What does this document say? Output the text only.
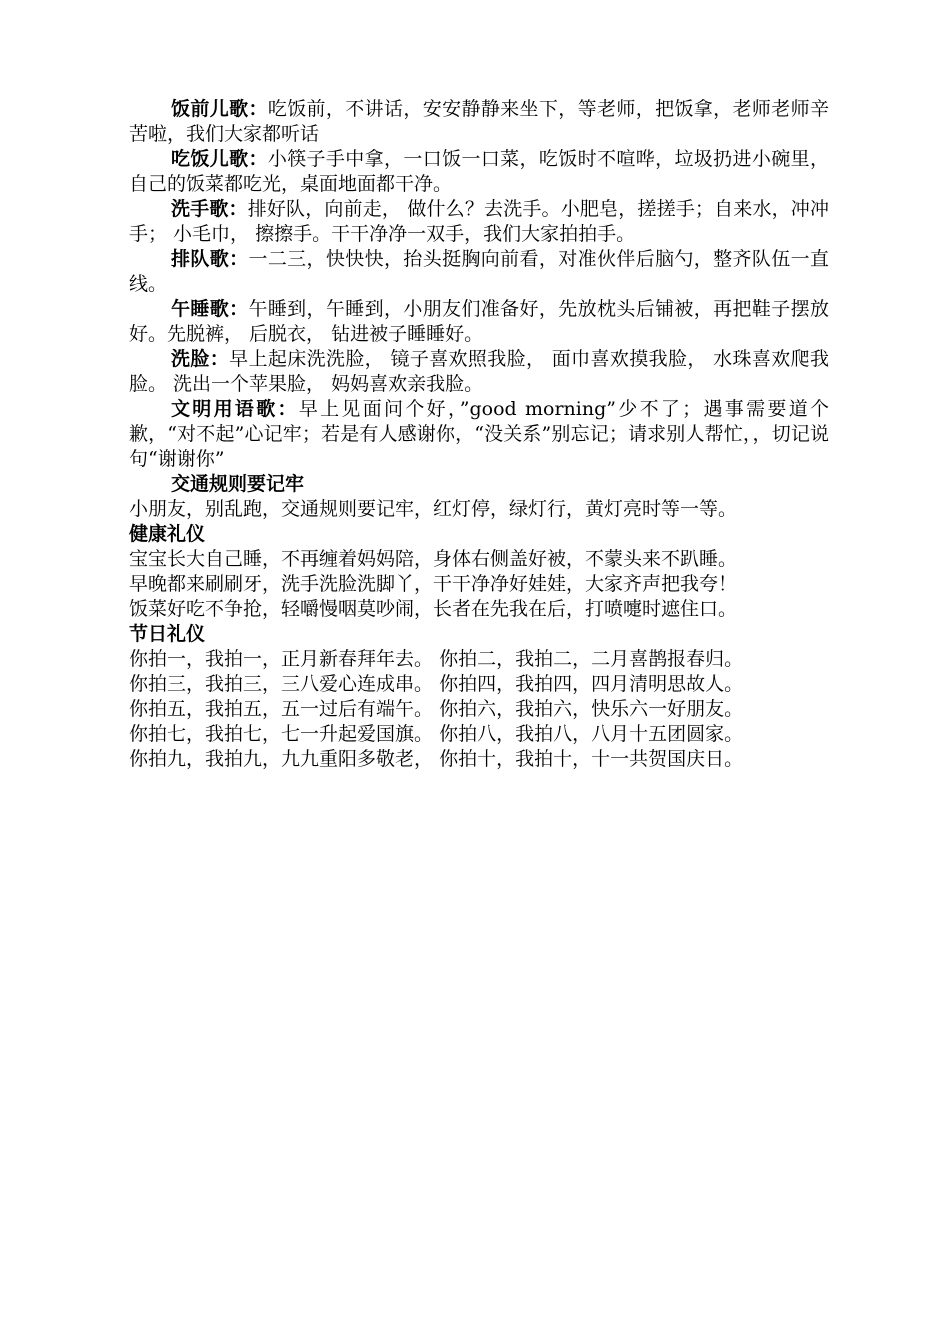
饭前儿歌：吃饭前，不讲话，安安静静来坐下，等老师，把饭拿，老师老师辛苦啦，我们大家都听话

吃饭儿歌：小筷子手中拿，一口饭一口菜，吃饭时不喧哗，垃圾扔进小碗里，自己的饭菜都吃光，桌面地面都干净。

洗手歌：排好队，向前走， 做什么？去洗手。小肥皂，搓搓手；自来水，冲冲手； 小毛巾， 擦擦手。干干净净一双手，我们大家拍拍手。

排队歌：一二三，快快快，抬头挺胸向前看，对准伙伴后脑勺，整齐队伍一直线。

午睡歌：午睡到，午睡到，小朋友们准备好，先放枕头后铺被，再把鞋子摆放好。先脱裤， 后脱衣， 钻进被子睡睡好。

洗脸：早上起床洗洗脸， 镜子喜欢照我脸， 面巾喜欢摸我脸， 水珠喜欢爬我脸。 洗出一个苹果脸， 妈妈喜欢亲我脸。

文明用语歌：早上见面问个好，”good morning”少不了；遇事需要道个歉，“对不起”心记牢；若是有人感谢你，“没关系”别忘记；请求别人帮忙，，切记说句“谢谢你”

交通规则要记牢

小朋友，别乱跑，交通规则要记牢，红灯停，绿灯行，黄灯亮时等一等。

健康礼仪

宝宝长大自己睡，不再缠着妈妈陪，身体右侧盖好被，不蒙头来不趴睡。

早晚都来刷刷牙，洗手洗脸洗脚丫，干干净净好娃娃，大家齐声把我夸！

饭菜好吃不争抢，轻嚼慢咽莫吵闹，长者在先我在后，打喷嚏时遮住口。

节日礼仪

你拍一，我拍一，正月新春拜年去。 你拍二，我拍二，二月喜鹊报春归。

你拍三，我拍三，三八爱心连成串。 你拍四，我拍四，四月清明思故人。

你拍五，我拍五，五一过后有端午。 你拍六，我拍六，快乐六一好朋友。

你拍七，我拍七，七一升起爱国旗。 你拍八，我拍八，八月十五团圆家。

你拍九，我拍九，九九重阳多敬老， 你拍十，我拍十，十一共贺国庆日。
